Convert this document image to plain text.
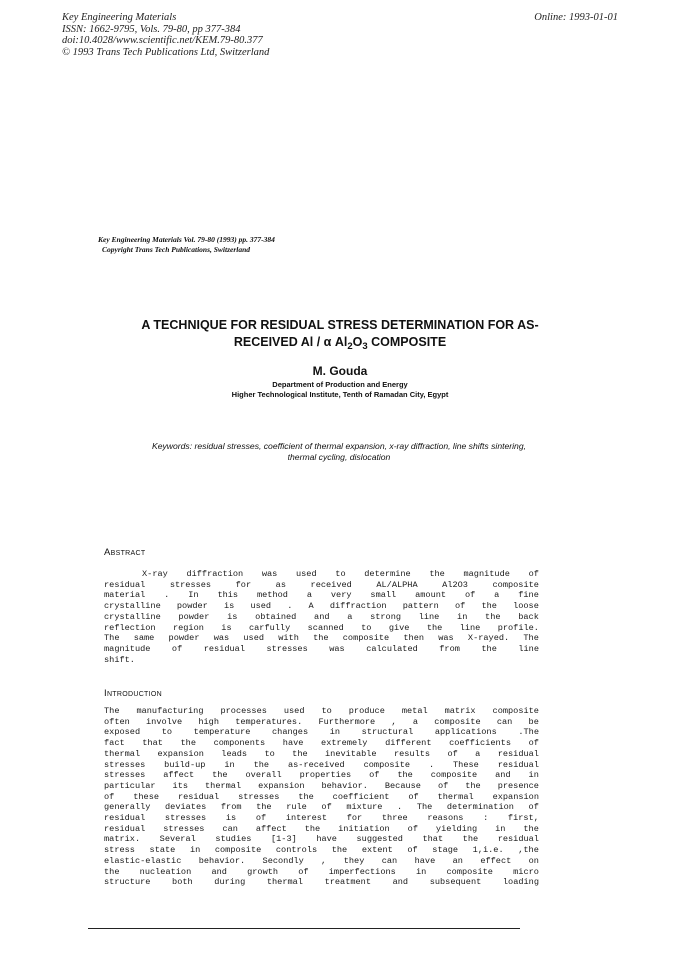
Key Engineering Materials
ISSN: 1662-9795, Vols. 79-80, pp 377-384
doi:10.4028/www.scientific.net/KEM.79-80.377
© 1993 Trans Tech Publications Ltd, Switzerland
Online: 1993-01-01
Key Engineering Materials Vol. 79-80 (1993) pp. 377-384
Copyright Trans Tech Publications, Switzerland
A TECHNIQUE FOR RESIDUAL STRESS DETERMINATION FOR AS-
RECEIVED Al / α $Al_2O_3$ COMPOSITE
M. Gouda
Department of Production and Energy
Higher Technological Institute, Tenth of Ramadan City, Egypt
Keywords: residual stresses, coefficient of thermal expansion, x-ray diffraction, line shifts sintering,
thermal cycling, dislocation
Abstract
X-ray diffraction was used to determine the magnitude of
residual	stresses	for	as	received	AL/ALPHA	Al2O3	composite
material . In this method a very small amount of a fine
crystalline powder is used . A diffraction pattern of the loose
crystalline powder is obtained and a strong line in the back
reflection region is carfully scanned to give the line profile.
The same powder was used with the composite then was X-rayed. The
magnitude of residual stresses was calculated from the line
shift.
Introduction
The manufacturing processes used to produce metal matrix composite
often involve high temperatures. Furthermore , a composite can be
exposed	to	temperature	changes	in	structural	applications	.The
fact that the components have extremely different coefficients of
thermal expansion leads to the inevitable results of a residual
stresses build-up in the as-received composite . These residual
stresses affect the overall properties of the composite and in
particular its thermal expansion behavior. Because of the presence
of these residual stresses the coefficient of thermal expansion
generally deviates from the rule of mixture . The determination of
residual stresses is of interest for three reasons : first,
residual stresses can affect the initiation of yielding in the
matrix. Several studies [1-3] have suggested that the residual
stress state in composite controls the extent of stage 1,i.e. ,the
elastic-elastic behavior. Secondly , they can have an effect on
the nucleation and growth of imperfections in composite micro
structure	both	during	thermal	treatment	and	subsequent	loading
